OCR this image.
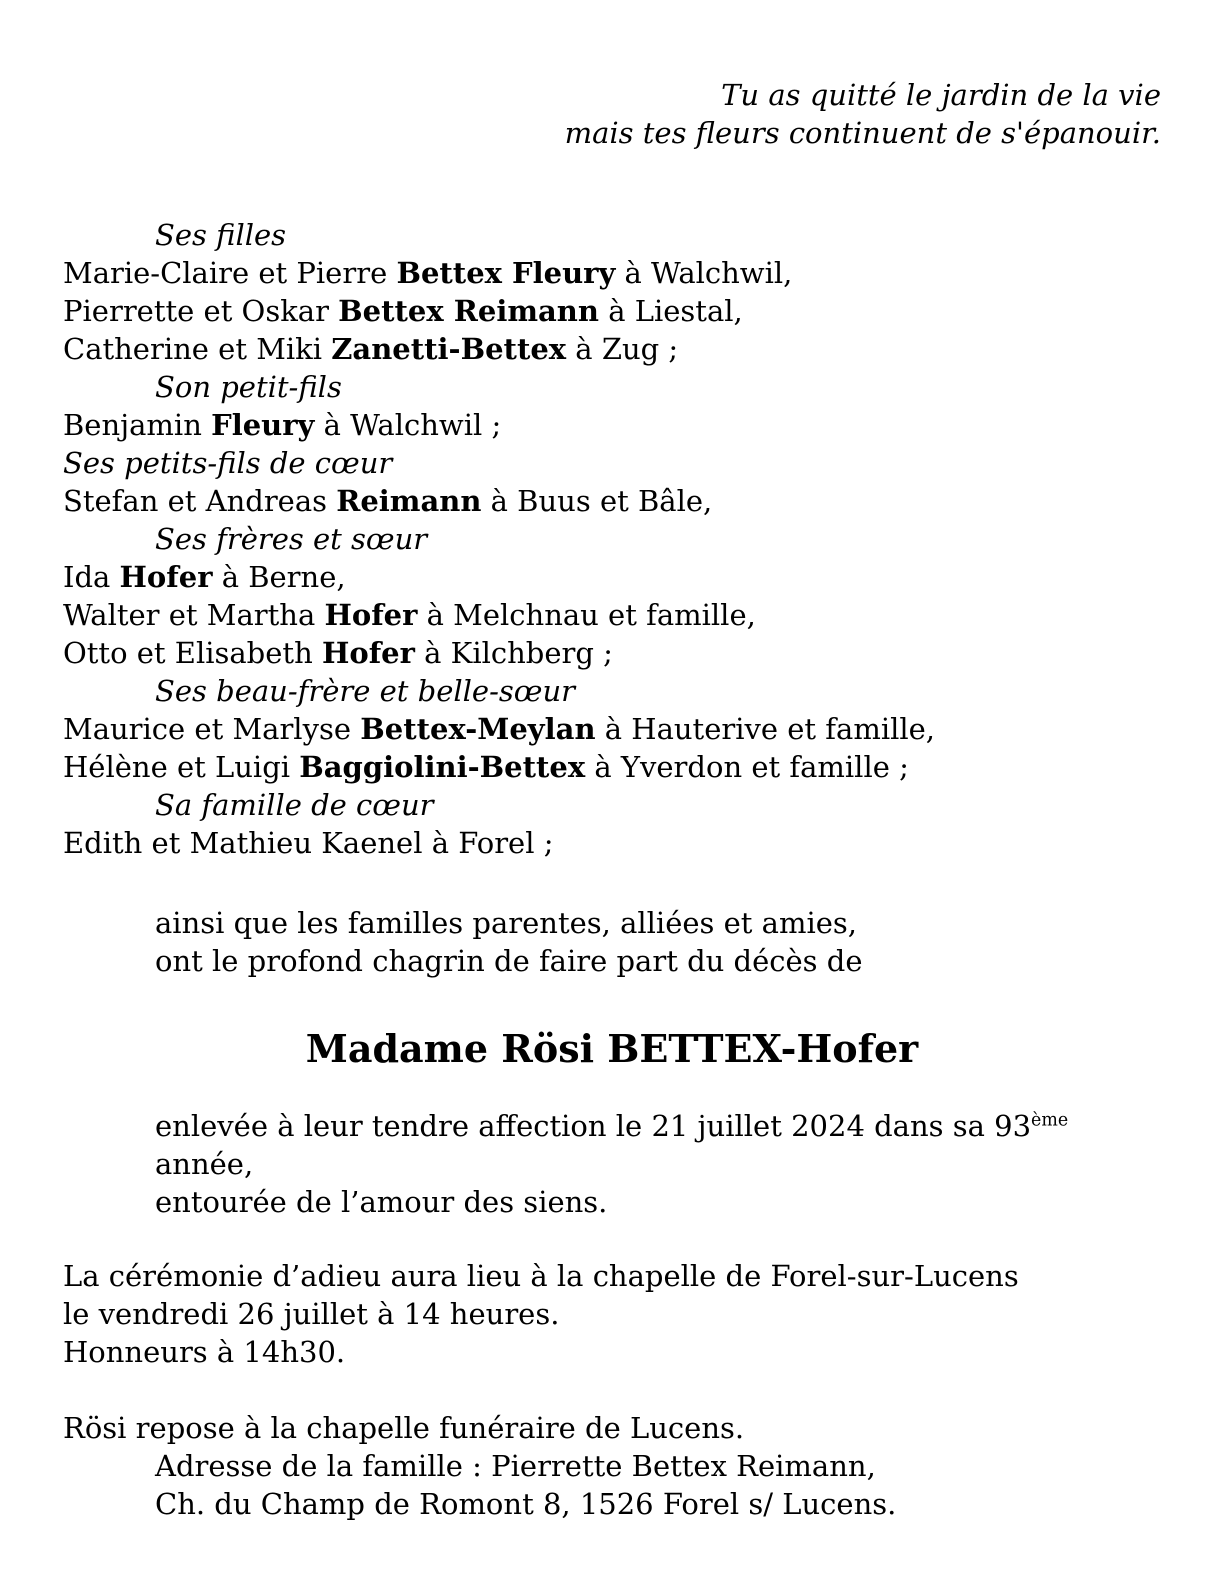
Tu as quitté le jardin de la vie
mais tes fleurs continuent de s'épanouir.
Ses filles
Marie-Claire et Pierre Bettex Fleury à Walchwil,
Pierrette et Oskar Bettex Reimann à Liestal,
Catherine et Miki Zanetti-Bettex à Zug ;
Son petit-fils
Benjamin Fleury à Walchwil ;
Ses petits-fils de cœur
Stefan et Andreas Reimann à Buus et Bâle,
Ses frères et sœur
Ida Hofer à Berne,
Walter et Martha Hofer à Melchnau et famille,
Otto et Elisabeth Hofer à Kilchberg ;
Ses beau-frère et belle-sœur
Maurice et Marlyse Bettex-Meylan à Hauterive et famille,
Hélène et Luigi Baggiolini-Bettex à Yverdon et famille ;
Sa famille de cœur
Edith et Mathieu Kaenel à Forel ;
ainsi que les familles parentes, alliées et amies,
ont le profond chagrin de faire part du décès de
Madame Rösi BETTEX-Hofer
enlevée à leur tendre affection le 21 juillet 2024 dans sa 93ème année,
entourée de l’amour des siens.
La cérémonie d’adieu aura lieu à la chapelle de Forel-sur-Lucens
le vendredi 26 juillet à 14 heures.
Honneurs à 14h30.
Rösi repose à la chapelle funéraire de Lucens.
Adresse de la famille : Pierrette Bettex Reimann,
Ch. du Champ de Romont 8, 1526 Forel s/ Lucens.
